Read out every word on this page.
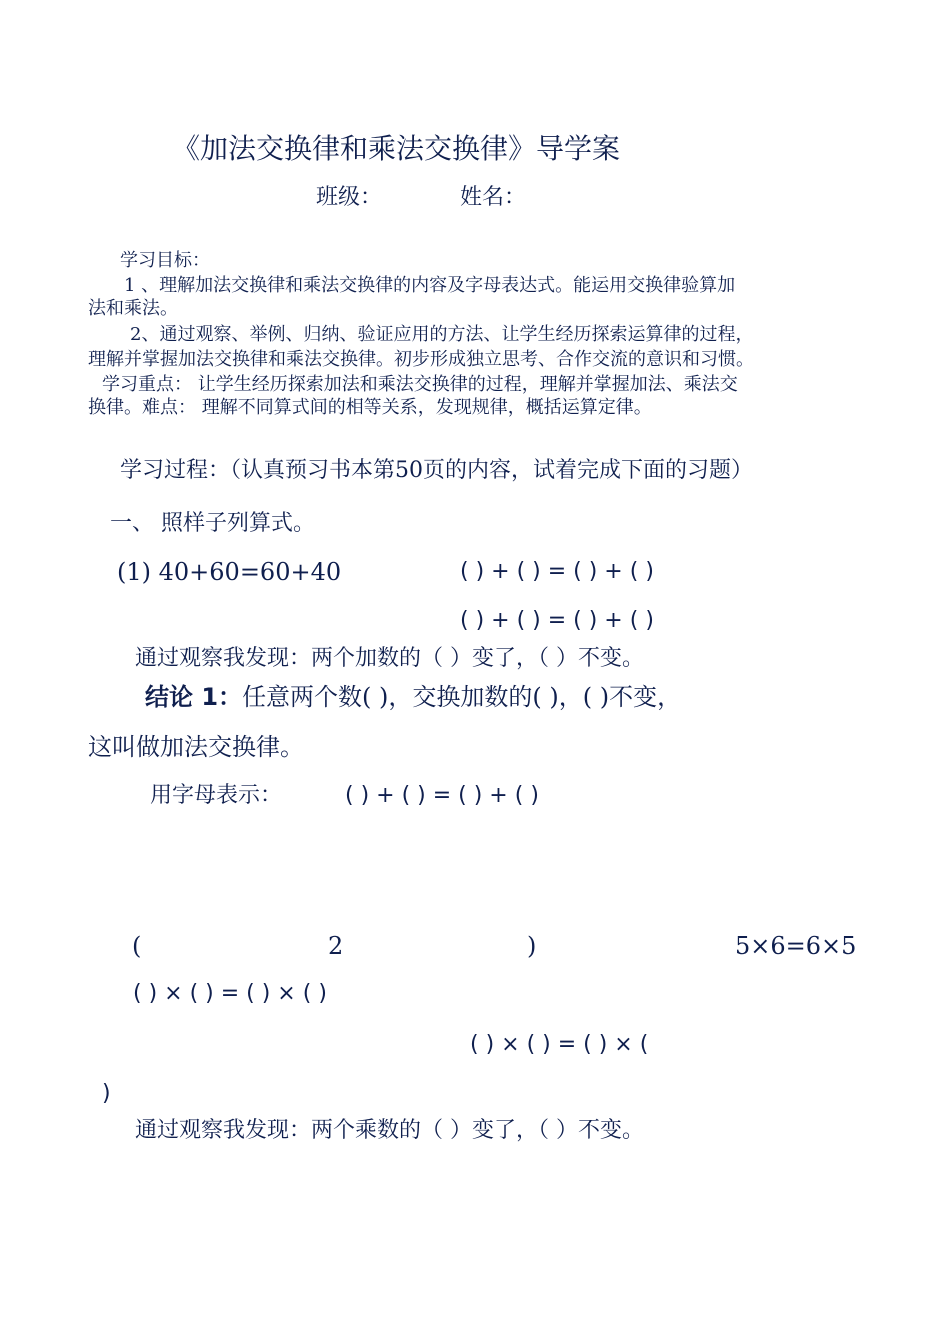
《加法交换律和乘法交换律》导学案
班级：	姓名：
学习目标：
1 、理解加法交换律和乘法交换律的内容及字母表达式。能运用交换律验算加
法和乘法。
2、通过观察、举例、归纳、验证应用的方法、让学生经历探索运算律的过程，
理解并掌握加法交换律和乘法交换律。初步形成独立思考、合作交流的意识和习惯。
学习重点： 让学生经历探索加法和乘法交换律的过程，理解并掌握加法、乘法交
换律。难点： 理解不同算式间的相等关系，发现规律，概括运算定律。
学习过程：（认真预习书本第50页的内容，试着完成下面的习题）
一、 照样子列算式。
(1) 40+60=60+40	( ) + ( ) = ( ) + ( )
( ) + ( ) = ( ) + ( )
通过观察我发现：两个加数的（ ）变了，（ ）不变。
结论 1：任意两个数( )，交换加数的( )，( )不变，
这叫做加法交换律。
用字母表示：	( ) + ( ) = ( ) + ( )
(	2	)	5×6=6×5
( ) × ( ) = ( ) × ( )
( ) × ( ) = ( ) × (
)
通过观察我发现：两个乘数的（ ）变了，（ ）不变。
